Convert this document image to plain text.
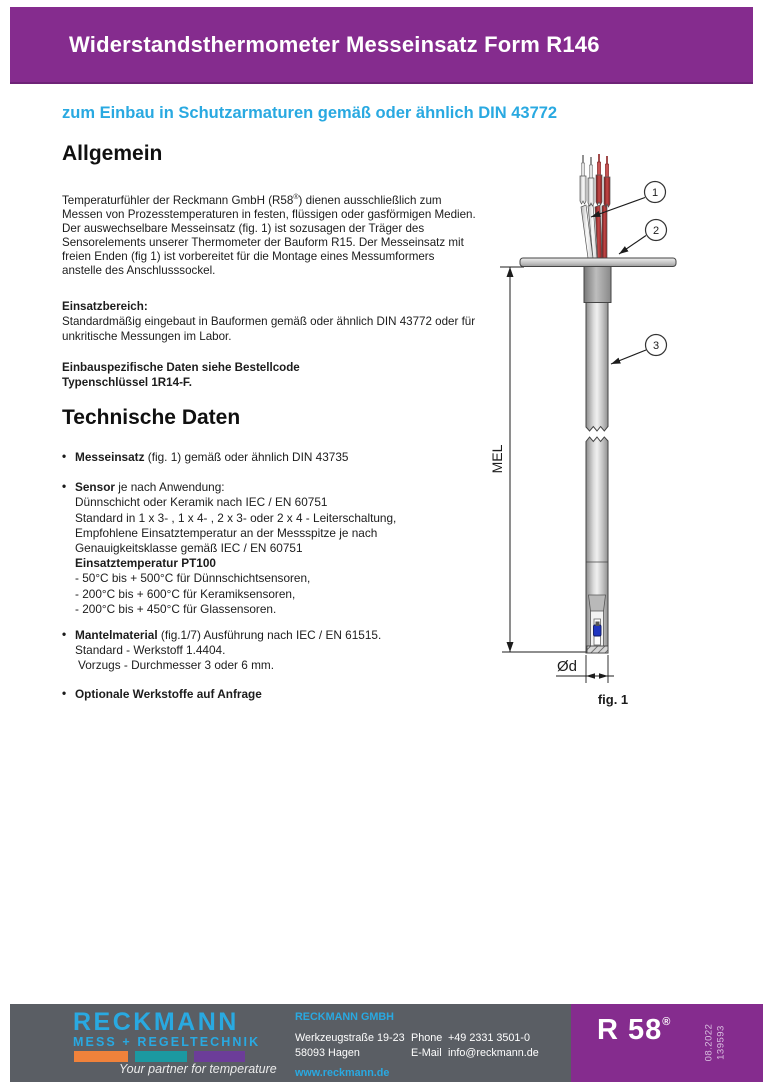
Widerstandsthermometer Messeinsatz Form R146
zum Einbau in Schutzarmaturen gemäß oder ähnlich DIN 43772
Allgemein
Temperaturfühler der Reckmann GmbH (R58®) dienen ausschließlich zum Messen von Prozesstemperaturen in festen, flüssigen oder gasförmigen Medien. Der auswechselbare Messeinsatz (fig. 1) ist sozusagen der Träger des Sensorelements unserer Thermometer der Bauform R15. Der Messeinsatz mit freien Enden (fig 1) ist vorbereitet für die Montage eines Messumformers anstelle des Anschlusssockel.
Einsatzbereich:
Standardmäßig eingebaut in Bauformen gemäß oder ähnlich DIN 43772 oder für unkritische Messungen im Labor.
Einbauspezifische Daten siehe Bestellcode
Typenschlüssel 1R14-F.
Technische Daten
• Messeinsatz (fig. 1) gemäß oder ähnlich DIN 43735
• Sensor je nach Anwendung:
Dünnschicht oder Keramik nach IEC / EN 60751
Standard in 1 x 3- , 1 x 4- , 2 x 3- oder 2 x 4 - Leiterschaltung,
Empfohlene Einsatztemperatur an der Messspitze je nach
Genauigkeitsklasse gemäß IEC / EN 60751
Einsatztemperatur PT100
- 50°C bis + 500°C für Dünnschichtsensoren,
- 200°C bis + 600°C für Keramiksensoren,
- 200°C bis + 450°C für Glassensoren.
• Mantelmaterial (fig.1/7) Ausführung nach IEC / EN 61515.
Standard - Werkstoff 1.4404.
Vorzugs - Durchmesser 3 oder 6 mm.
• Optionale Werkstoffe auf Anfrage
MEL
Ød
1
2
3
fig. 1
RECKMANN
MESS + REGELTECHNIK
Your partner for temperature
RECKMANN GMBH
Werkzeugstraße 19-23
58093 Hagen
www.reckmann.de
Phone +49 2331 3501-0
E-Mail info@reckmann.de
R 58®
08.2022 139593
